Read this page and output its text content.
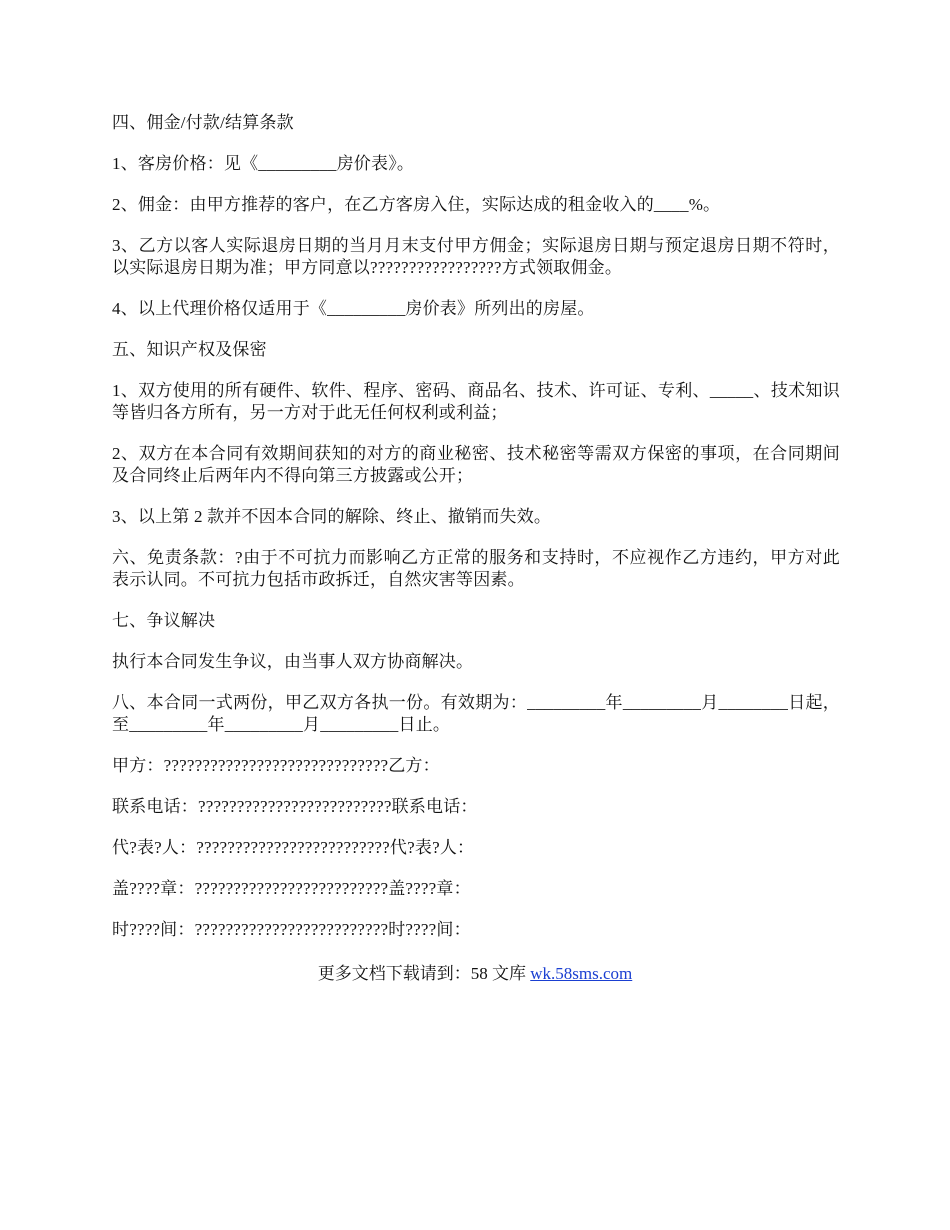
四、佣金/付款/结算条款

1、客房价格：见《_________房价表》。

2、佣金：由甲方推荐的客户，在乙方客房入住，实际达成的租金收入的____%。

3、乙方以客人实际退房日期的当月月末支付甲方佣金；实际退房日期与预定退房日期不符时，以实际退房日期为准；甲方同意以?????????????????方式领取佣金。

4、以上代理价格仅适用于《_________房价表》所列出的房屋。

五、知识产权及保密

1、双方使用的所有硬件、软件、程序、密码、商品名、技术、许可证、专利、_____、技术知识等皆归各方所有，另一方对于此无任何权利或利益；

2、双方在本合同有效期间获知的对方的商业秘密、技术秘密等需双方保密的事项，在合同期间及合同终止后两年内不得向第三方披露或公开；

3、以上第 2 款并不因本合同的解除、终止、撤销而失效。

六、免责条款：?由于不可抗力而影响乙方正常的服务和支持时，不应视作乙方违约，甲方对此表示认同。不可抗力包括市政拆迁，自然灾害等因素。

七、争议解决

执行本合同发生争议，由当事人双方协商解决。

八、本合同一式两份，甲乙双方各执一份。有效期为：_________年_________月________日起，至_________年_________月_________日止。

甲方：?????????????????????????????乙方：

联系电话：?????????????????????????联系电话：

代?表?人：?????????????????????????代?表?人：

盖????章：?????????????????????????盖????章：

时????间：?????????????????????????时????间：

更多文档下载请到：58 文库 wk.58sms.com
